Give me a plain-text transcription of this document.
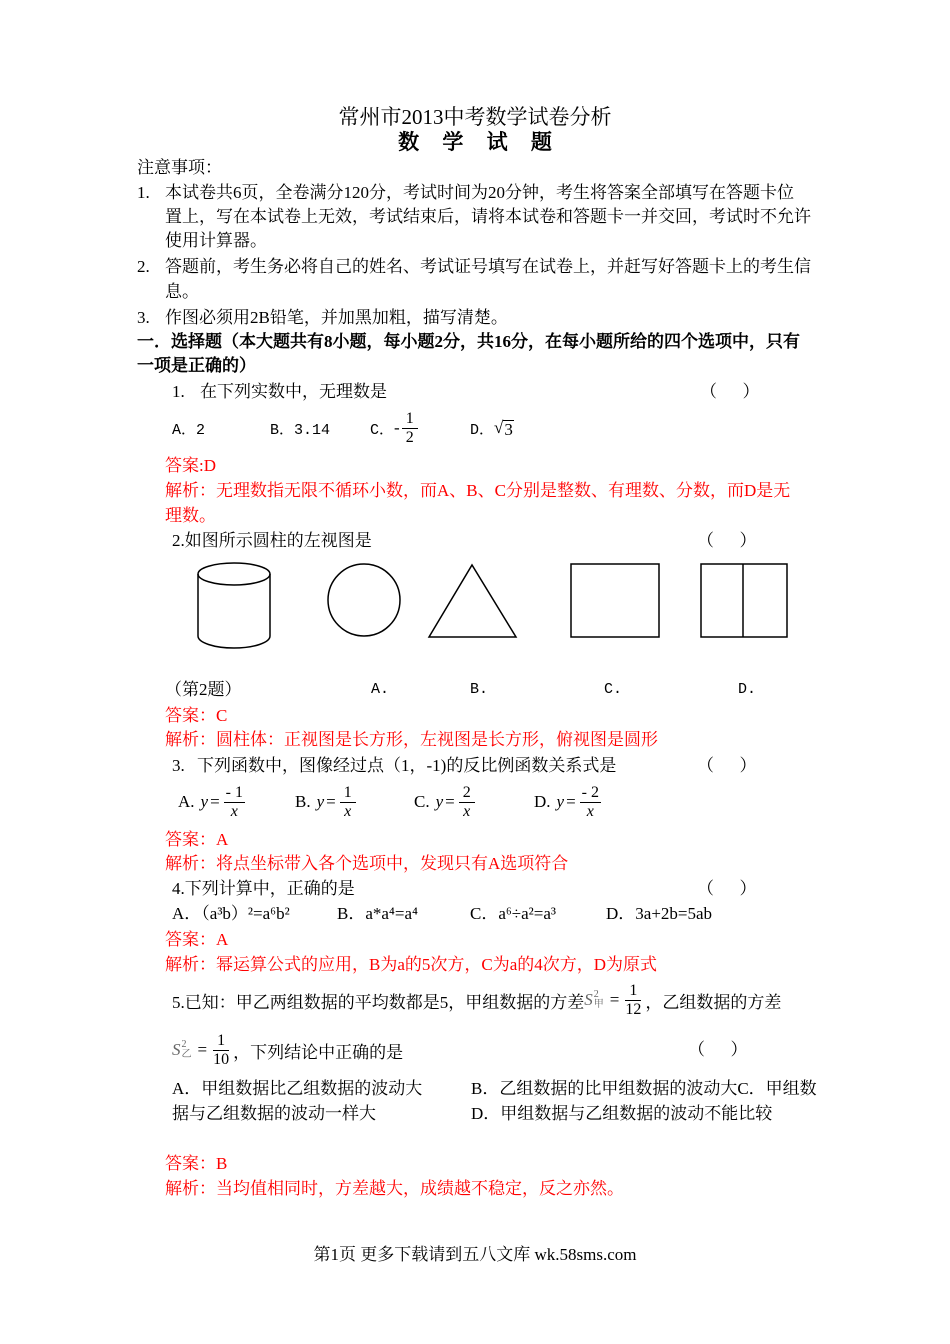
常州市2013中考数学试卷分析
数 学 试 题
注意事项：
1. 本试卷共6页，全卷满分120分，考试时间为20分钟，考生将答案全部填写在答题卡位
置上，写在本试卷上无效，考试结束后，请将本试卷和答题卡一并交回，考试时不允许
使用计算器。
2. 答题前，考生务必将自己的姓名、考试证号填写在试卷上，并赶写好答题卡上的考生信
息。
3. 作图必须用2B铅笔，并加黑加粗，描写清楚。
一．选择题（本大题共有8小题，每小题2分，共16分，在每小题所给的四个选项中，只有
一项是正确的）
1. 在下列实数中，无理数是	（      ）
A．2	B．3.14	C． - $\frac{1}{2}$	D． √ 3
答案:D
解析：无理数指无限不循环小数，而A、B、C分别是整数、有理数、分数，而D是无
理数。
2.如图所示圆柱的左视图是	（      ）
（第2题）	A.	B.	C.	D.
答案：C
解析：圆柱体：正视图是长方形，左视图是长方形，俯视图是圆形
3. 下列函数中，图像经过点（1，-1)的反比例函数关系式是	（      ）
A. $y = \frac{- 1}{x}$	B. $y = \frac{1}{x}$	C. $y = \frac{2}{x}$	D. $y = \frac{- 2}{x}$
答案：A
解析：将点坐标带入各个选项中，发现只有A选项符合
4.下列计算中，正确的是	（      ）
A．（a³b）²=a⁶b²	B．a*a⁴=a⁴	C．a⁶÷a²=a³	D．3a+2b=5ab
答案：A
解析：幂运算公式的应用，B为a的5次方，C为a的4次方，D为原式
5.已知：甲乙两组数据的平均数都是5，甲组数据的方差 S 2
甲 = $\frac{1}{12}$ ，乙组数据的方差
S 2
乙 = $\frac{1}{10}$ ，下列结论中正确的是	（      ）
A．甲组数据比乙组数据的波动大	B．乙组数据的比甲组数据的波动大C．甲组数
据与乙组数据的波动一样大	D．甲组数据与乙组数据的波动不能比较
答案：B
解析：当均值相同时，方差越大，成绩越不稳定，反之亦然。
第1页 更多下载请到五八文库 wk.58sms.com
